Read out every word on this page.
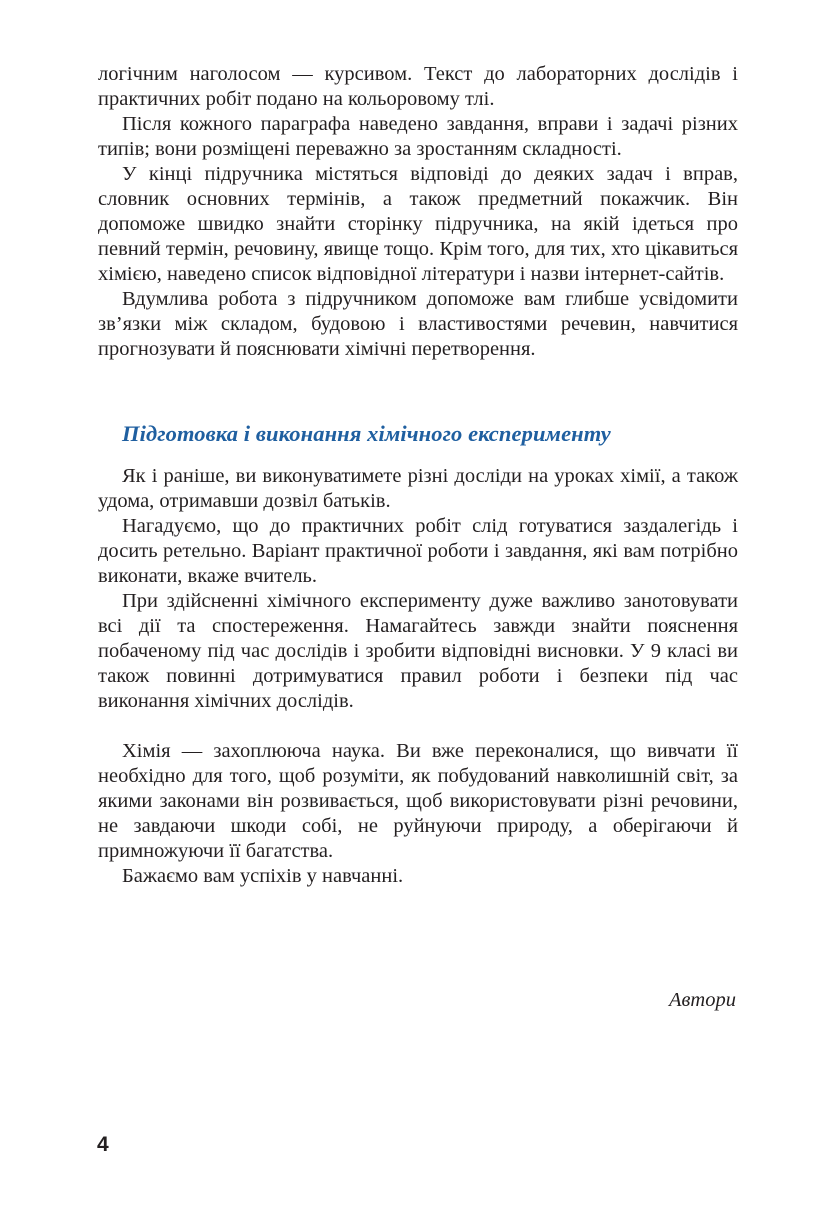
логічним наголосом — курсивом. Текст до лабораторних дослідів і практичних робіт подано на кольоровому тлі.

Після кожного параграфа наведено завдання, вправи і задачі різних типів; вони розміщені переважно за зростанням складності.

У кінці підручника містяться відповіді до деяких задач і вправ, словник основних термінів, а також предметний покажчик. Він допоможе швидко знайти сторінку підручника, на якій ідеться про певний термін, речовину, явище тощо. Крім того, для тих, хто цікавиться хімією, наведено список відповідної літератури і назви інтернет-сайтів.

Вдумлива робота з підручником допоможе вам глибше усвідомити зв’язки між складом, будовою і властивостями речевин, навчитися прогнозувати й пояснювати хімічні перетворення.

Підготовка і виконання хімічного експерименту

Як і раніше, ви виконуватимете різні досліди на уроках хімії, а також удома, отримавши дозвіл батьків.

Нагадуємо, що до практичних робіт слід готуватися заздалегідь і досить ретельно. Варіант практичної роботи і завдання, які вам потрібно виконати, вкаже вчитель.

При здійсненні хімічного експерименту дуже важливо занотовувати всі дії та спостереження. Намагайтесь завжди знайти пояснення побаченому під час дослідів і зробити відповідні висновки. У 9 класі ви також повинні дотримуватися правил роботи і безпеки під час виконання хімічних дослідів.

Хімія — захоплююча наука. Ви вже переконалися, що вивчати її необхідно для того, щоб розуміти, як побудований навколишній світ, за якими законами він розвивається, щоб використовувати різні речовини, не завдаючи шкоди собі, не руйнуючи природу, а оберігаючи й примножуючи її багатства.

Бажаємо вам успіхів у навчанні.

Автори
4
